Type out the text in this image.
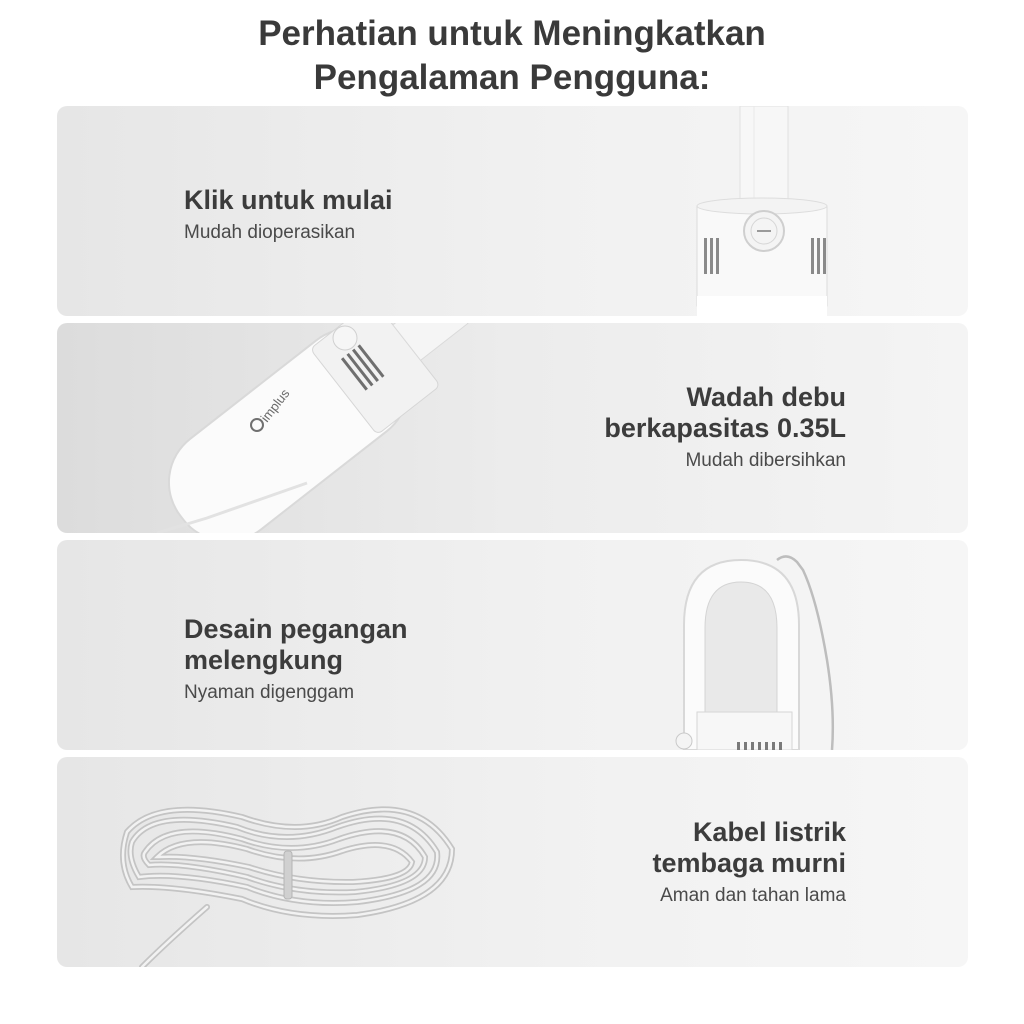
Perhatian untuk Meningkatkan
Pengalaman Pengguna:

Klik untuk mulai

Mudah dioperasikan
implus	Wadah debu

berkapasitas 0.35L

Mudah dibersihkan

Desain pegangan

melengkung

Nyaman digenggam

Kabel listrik

tembaga murni

Aman dan tahan lama
